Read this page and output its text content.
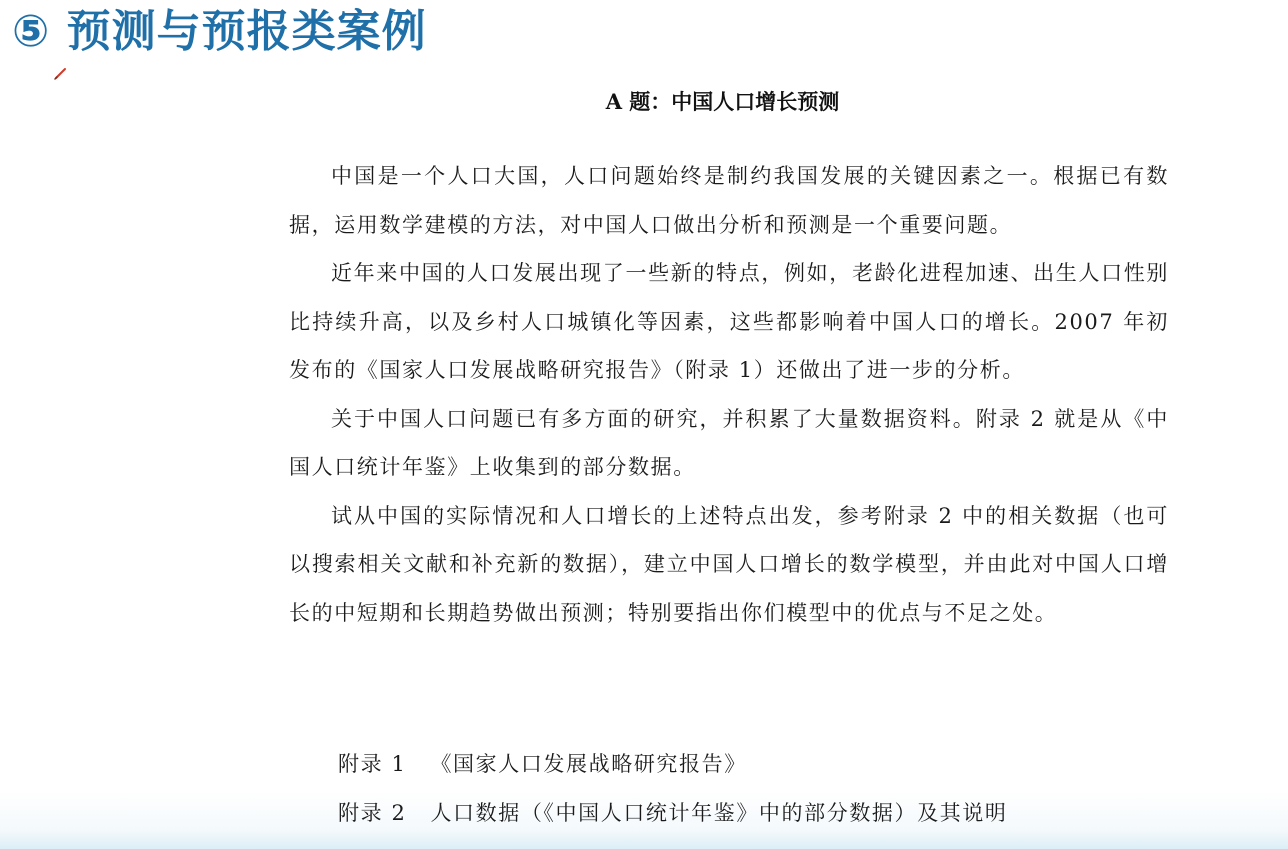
⑤ 预测与预报类案例
A 题：中国人口增长预测

中国是一个人口大国，人口问题始终是制约我国发展的关键因素之一。根据已有数据，运用数学建模的方法，对中国人口做出分析和预测是一个重要问题。

近年来中国的人口发展出现了一些新的特点，例如，老龄化进程加速、出生人口性别比持续升高，以及乡村人口城镇化等因素，这些都影响着中国人口的增长。2007 年初发布的《国家人口发展战略研究报告》（附录 1）还做出了进一步的分析。

关于中国人口问题已有多方面的研究，并积累了大量数据资料。附录 2 就是从《中国人口统计年鉴》上收集到的部分数据。

试从中国的实际情况和人口增长的上述特点出发，参考附录 2 中的相关数据（也可以搜索相关文献和补充新的数据），建立中国人口增长的数学模型，并由此对中国人口增长的中短期和长期趋势做出预测；特别要指出你们模型中的优点与不足之处。

附录 1 《国家人口发展战略研究报告》
附录 2 人口数据（《中国人口统计年鉴》中的部分数据）及其说明
